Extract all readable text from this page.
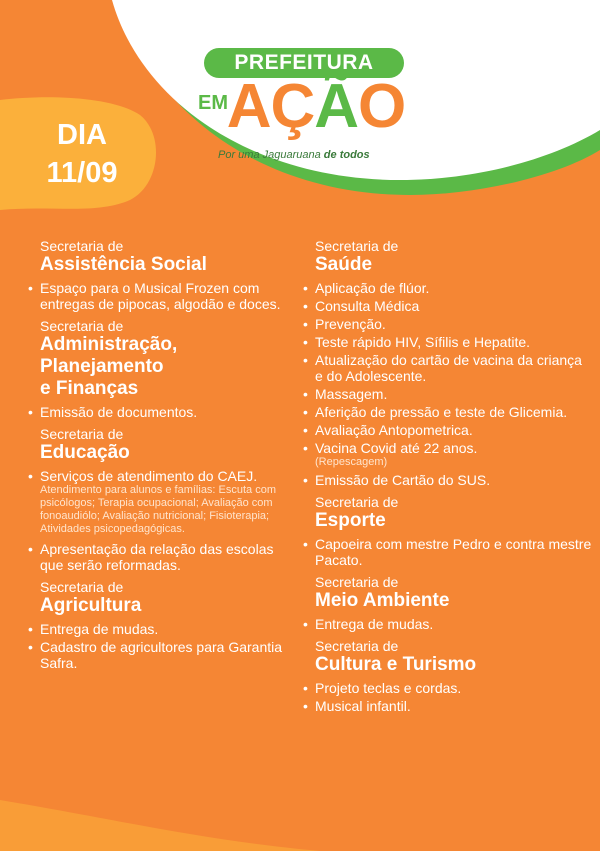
PREFEITURA
EM
AÇÃO
Por uma Jaguaruana de todos
DIA
11/09
Secretaria de
Assistência Social
• Espaço para o Musical Frozen com entregas de pipocas, algodão e doces.
Secretaria de
Administração,
Planejamento
e Finanças
• Emissão de documentos.
Secretaria de
Educação
• Serviços de atendimento do CAEJ.
Atendimento para alunos e famílias: Escuta com psicólogos; Terapia ocupacional; Avaliação com fonoaudiólo; Avaliação nutricional; Fisioterapia; Atividades psicopedagógicas.
• Apresentação da relação das escolas que serão reformadas.
Secretaria de
Agricultura
• Entrega de mudas.
• Cadastro de agricultores para Garantia Safra.
Secretaria de
Saúde
• Aplicação de flúor.
• Consulta Médica
• Prevenção.
• Teste rápido HIV, Sífilis e Hepatite.
• Atualização do cartão de vacina da criança e do Adolescente.
• Massagem.
• Aferição de pressão e teste de Glicemia.
• Avaliação Antopometrica.
• Vacina Covid até 22 anos.
(Repescagem)
• Emissão de Cartão do SUS.
Secretaria de
Esporte
• Capoeira com mestre Pedro e contra mestre Pacato.
Secretaria de
Meio Ambiente
• Entrega de mudas.
Secretaria de
Cultura e Turismo
• Projeto teclas e cordas.
• Musical infantil.
